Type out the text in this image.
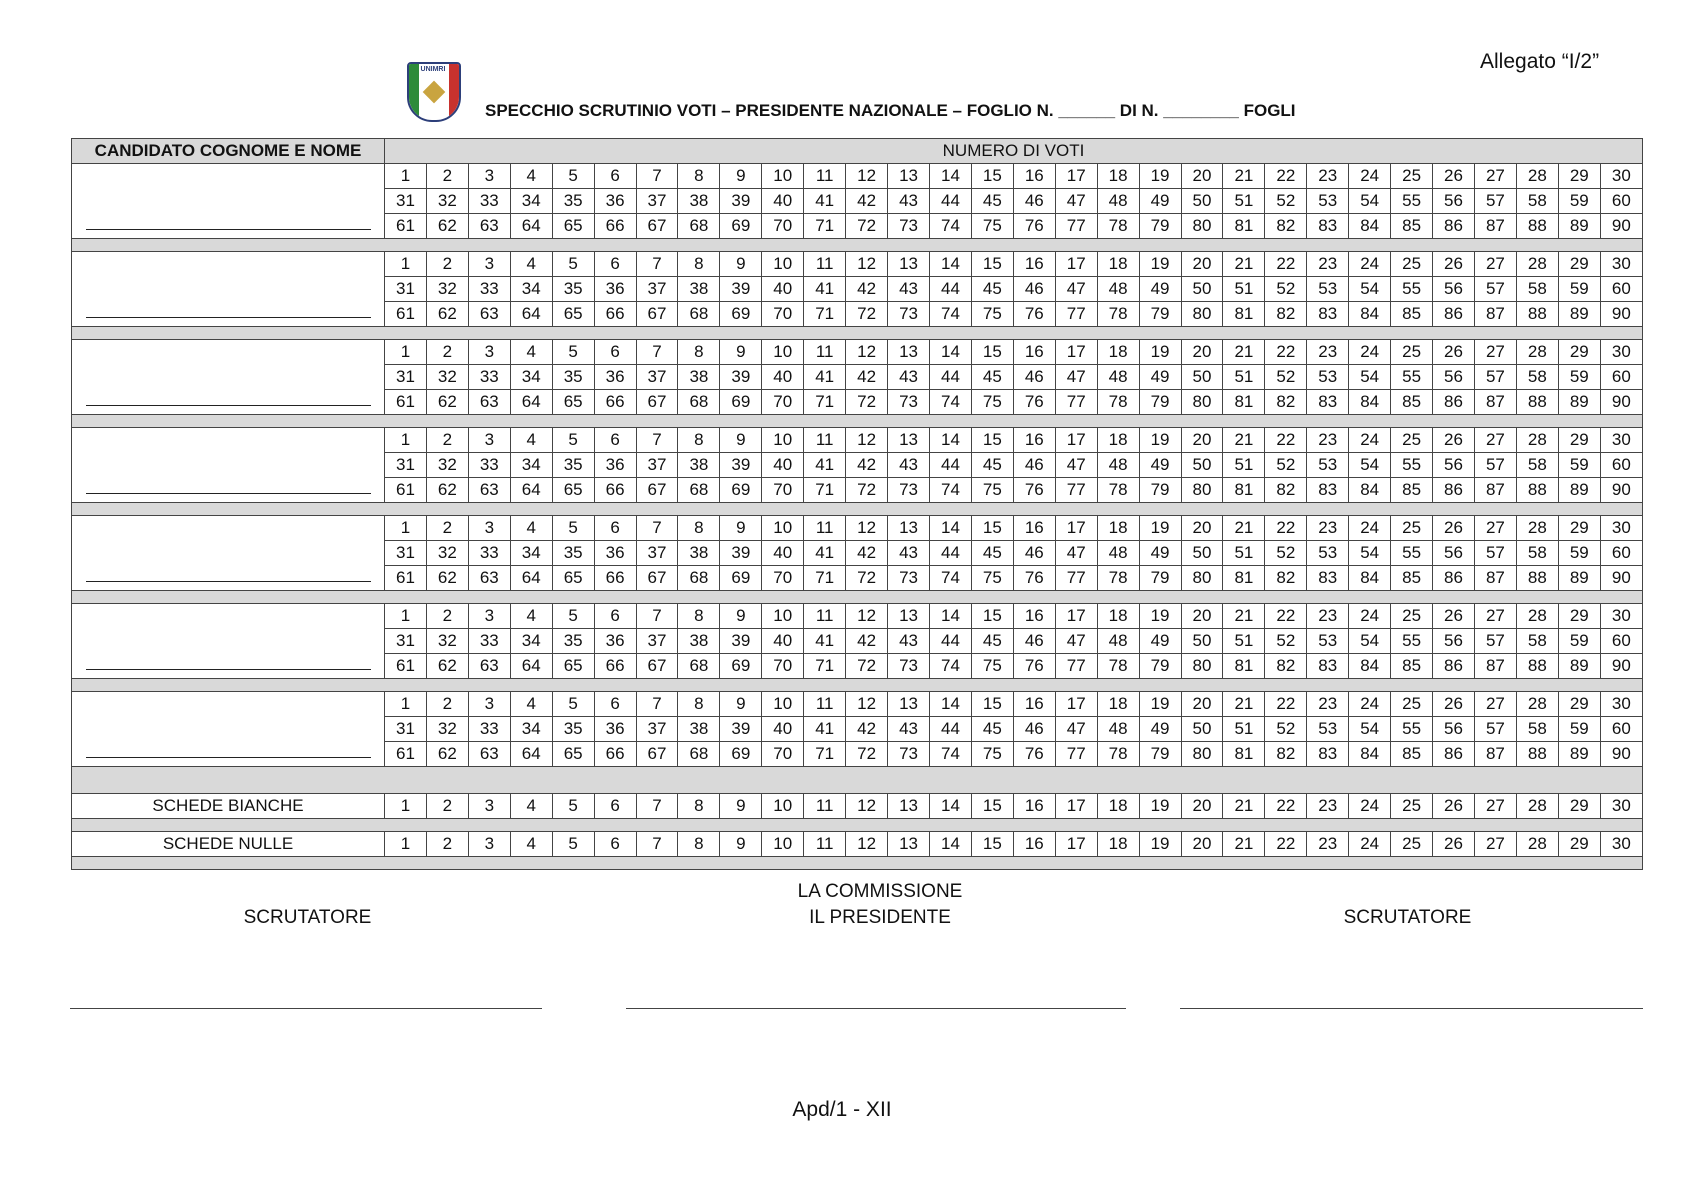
Allegato “I/2”
UNIMRI
SPECCHIO SCRUTINIO VOTI – PRESIDENTE NAZIONALE – FOGLIO N. ______ DI N. ________ FOGLI
CANDIDATO COGNOME E NOME	NUMERO DI VOTI																													

	1	2	3	4	5	6	7	8	9	10	11	12	13	14	15	16	17	18	19	20	21	22	23	24	25	26	27	28	29	30
	31	32	33	34	35	36	37	38	39	40	41	42	43	44	45	46	47	48	49	50	51	52	53	54	55	56	57	58	59	60
	61	62	63	64	65	66	67	68	69	70	71	72	73	74	75	76	77	78	79	80	81	82	83	84	85	86	87	88	89	90

	1	2	3	4	5	6	7	8	9	10	11	12	13	14	15	16	17	18	19	20	21	22	23	24	25	26	27	28	29	30
	31	32	33	34	35	36	37	38	39	40	41	42	43	44	45	46	47	48	49	50	51	52	53	54	55	56	57	58	59	60
	61	62	63	64	65	66	67	68	69	70	71	72	73	74	75	76	77	78	79	80	81	82	83	84	85	86	87	88	89	90

	1	2	3	4	5	6	7	8	9	10	11	12	13	14	15	16	17	18	19	20	21	22	23	24	25	26	27	28	29	30
	31	32	33	34	35	36	37	38	39	40	41	42	43	44	45	46	47	48	49	50	51	52	53	54	55	56	57	58	59	60
	61	62	63	64	65	66	67	68	69	70	71	72	73	74	75	76	77	78	79	80	81	82	83	84	85	86	87	88	89	90

	1	2	3	4	5	6	7	8	9	10	11	12	13	14	15	16	17	18	19	20	21	22	23	24	25	26	27	28	29	30
	31	32	33	34	35	36	37	38	39	40	41	42	43	44	45	46	47	48	49	50	51	52	53	54	55	56	57	58	59	60
	61	62	63	64	65	66	67	68	69	70	71	72	73	74	75	76	77	78	79	80	81	82	83	84	85	86	87	88	89	90

	1	2	3	4	5	6	7	8	9	10	11	12	13	14	15	16	17	18	19	20	21	22	23	24	25	26	27	28	29	30
	31	32	33	34	35	36	37	38	39	40	41	42	43	44	45	46	47	48	49	50	51	52	53	54	55	56	57	58	59	60
	61	62	63	64	65	66	67	68	69	70	71	72	73	74	75	76	77	78	79	80	81	82	83	84	85	86	87	88	89	90

	1	2	3	4	5	6	7	8	9	10	11	12	13	14	15	16	17	18	19	20	21	22	23	24	25	26	27	28	29	30
	31	32	33	34	35	36	37	38	39	40	41	42	43	44	45	46	47	48	49	50	51	52	53	54	55	56	57	58	59	60
	61	62	63	64	65	66	67	68	69	70	71	72	73	74	75	76	77	78	79	80	81	82	83	84	85	86	87	88	89	90

	1	2	3	4	5	6	7	8	9	10	11	12	13	14	15	16	17	18	19	20	21	22	23	24	25	26	27	28	29	30
	31	32	33	34	35	36	37	38	39	40	41	42	43	44	45	46	47	48	49	50	51	52	53	54	55	56	57	58	59	60
	61	62	63	64	65	66	67	68	69	70	71	72	73	74	75	76	77	78	79	80	81	82	83	84	85	86	87	88	89	90

SCHEDE BIANCHE	1	2	3	4	5	6	7	8	9	10	11	12	13	14	15	16	17	18	19	20	21	22	23	24	25	26	27	28	29	30

SCHEDE NULLE	1	2	3	4	5	6	7	8	9	10	11	12	13	14	15	16	17	18	19	20	21	22	23	24	25	26	27	28	29	30

SCRUTATORE
LA COMMISSIONE
IL PRESIDENTE	SCRUTATORE
Apd/1 - XII
